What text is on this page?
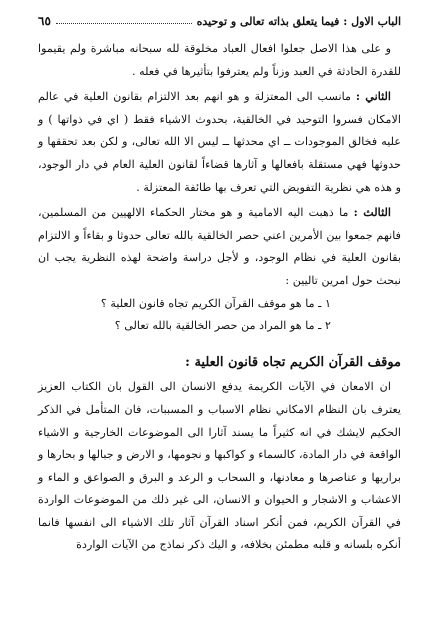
الباب الاول : فيما يتعلق بذاته تعالى و توحيده
٦٥

و على هذا الاصل جعلوا افعال العباد مخلوقة لله سبحانه مباشرة ولم يقيموا للقدرة الحادثة في العبد وزناً ولم يعترفوا بتأثيرها في فعله .

الثاني : مانسب الى المعتزلة و هو انهم بعد الالتزام بقانون العلية في عالم الامكان فسروا التوحيد في الخالقية، بحدوث الاشياء فقط ( اي في ذواتها ) و عليه فخالق الموجودات ــ اي محدثها ــ ليس الا الله تعالى، و لكن بعد تحققها و حدوثها فهي مستقلة بافعالها و آثارها قضاءاً لقانون العلية العام في دار الوجود، و هذه هي نظرية التفويض التي تعرف بها طائفة المعتزلة .

الثالث : ما ذهبت اليه الامامية و هو مختار الحكماء الالهيين من المسلمين، فانهم جمعوا بين الأمرين اعني حصر الخالقية بالله تعالى حدوثا و بقاءاً و الالتزام بقانون العلية في نظام الوجود، و لأجل دراسة واضحة لهذه النظرية يجب ان نبحث حول امرين تاليين :

١ ـ ما هو موقف القرآن الكريم تجاه قانون العلية ؟

٢ ـ ما هو المراد من حصر الخالقية بالله تعالى ؟

موقف القرآن الكريم تجاه قانون العلية :

ان الامعان في الآيات الكريمة يدفع الانسان الى القول بان الكتاب العزيز يعترف بان النظام الامكاني نظام الاسباب و المسببات، فان المتأمل في الذكر الحكيم لايشك في انه كثيراً ما يسند آثارا الى الموضوعات الخارجية و الاشياء الواقعة في دار المادة، كالسماء و كواكبها و نجومها، و الارض و جبالها و بحارها و براريها و عناصرها و معادنها، و السحاب و الرعد و البرق و الصواعق و الماء و الاعشاب و الاشجار و الحيوان و الانسان، الى غير ذلك من الموضوعات الواردة في القرآن الكريم، فمن أنكر اسناد القرآن آثار تلك الاشياء الى انفسها فانما أنكره بلسانه و قلبه مطمئن بخلافه، و اليك ذكر نماذج من الآيات الواردة
